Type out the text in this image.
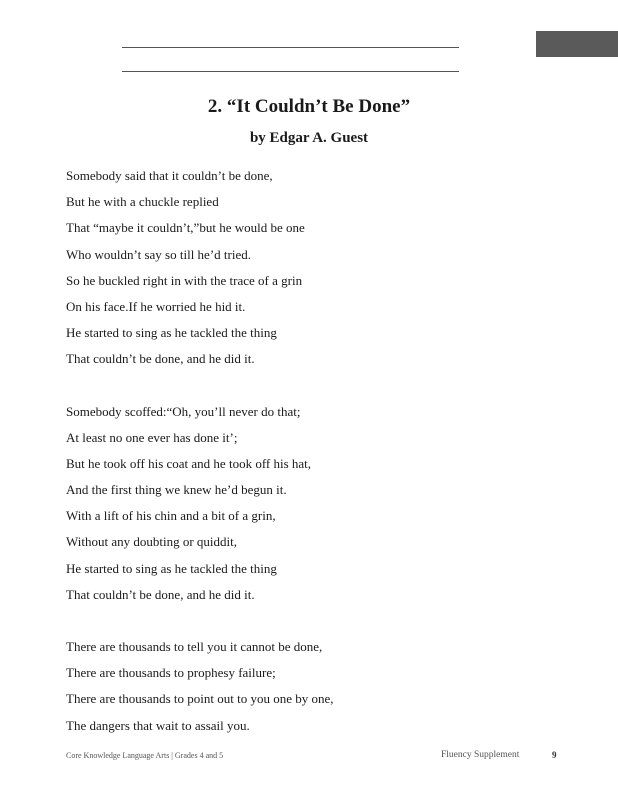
2. “It Couldn’t Be Done”
by Edgar A. Guest
Somebody said that it couldn’t be done,
But he with a chuckle replied
That “maybe it couldn’t,”but he would be one
Who wouldn’t say so till he’d tried.
So he buckled right in with the trace of a grin
On his face.If he worried he hid it.
He started to sing as he tackled the thing
That couldn’t be done, and he did it.
Somebody scoffed:“Oh, you’ll never do that;
At least no one ever has done it’;
But he took off his coat and he took off his hat,
And the first thing we knew he’d begun it.
With a lift of his chin and a bit of a grin,
Without any doubting or quiddit,
He started to sing as he tackled the thing
That couldn’t be done, and he did it.
There are thousands to tell you it cannot be done,
There are thousands to prophesy failure;
There are thousands to point out to you one by one,
The dangers that wait to assail you.
Core Knowledge Language Arts | Grades 4 and 5	Fluency Supplement	9
